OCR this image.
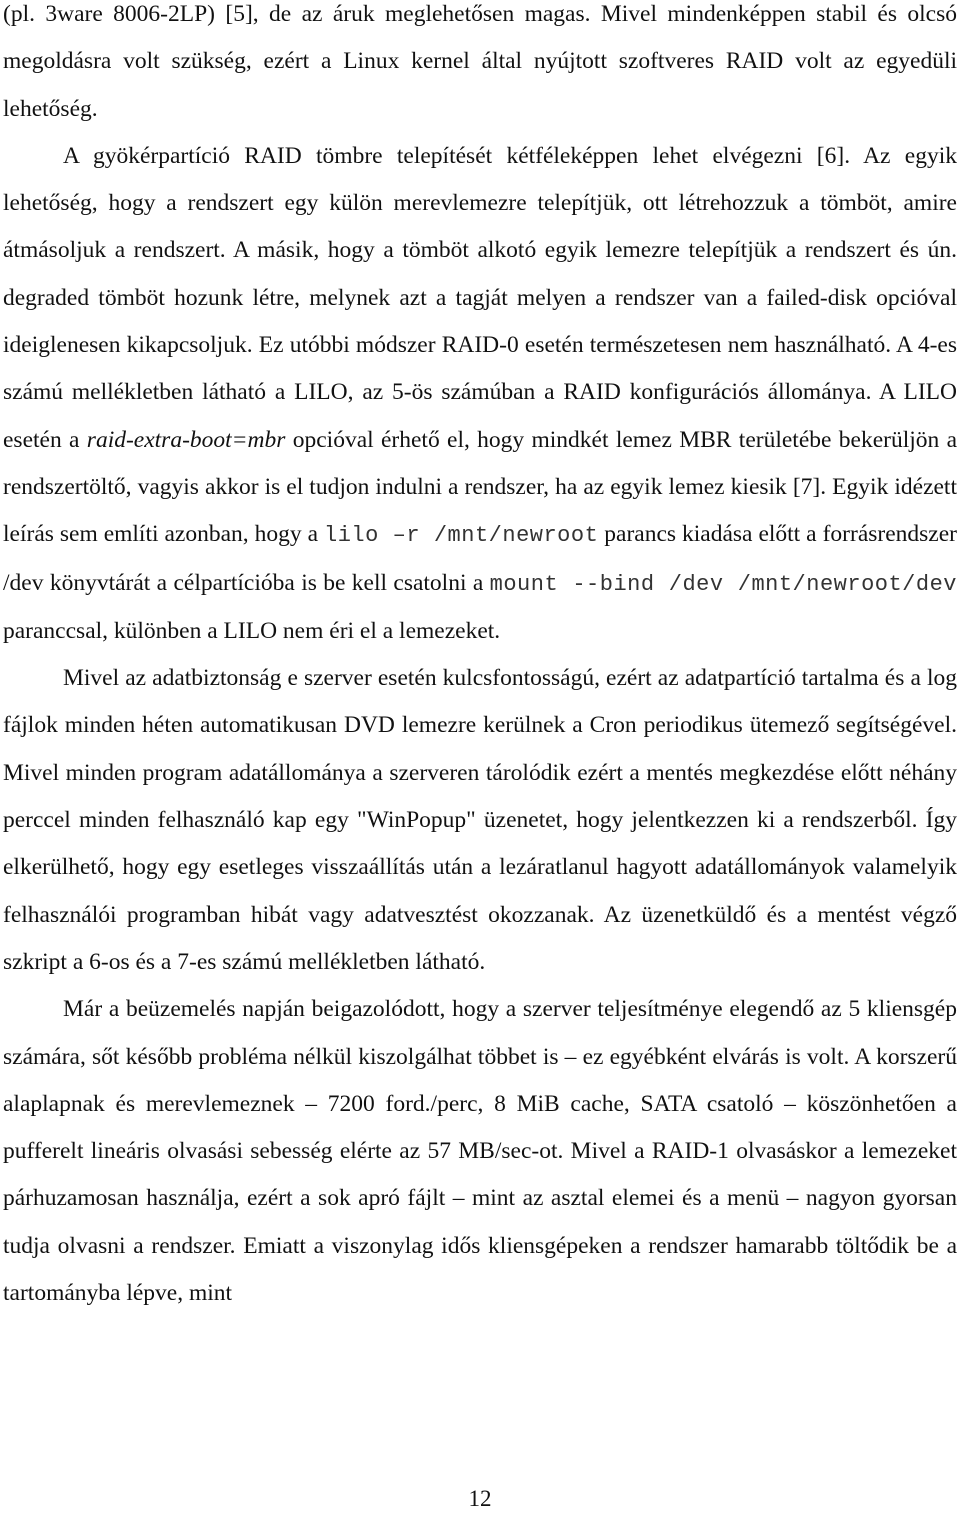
(pl. 3ware 8006-2LP) [5], de az áruk meglehetősen magas. Mivel mindenképpen stabil és olcsó megoldásra volt szükség, ezért a Linux kernel által nyújtott szoftveres RAID volt az egyedüli lehetőség.

A gyökérpartíció RAID tömbre telepítését kétféleképpen lehet elvégezni [6]. Az egyik lehetőség, hogy a rendszert egy külön merevlemezre telepítjük, ott létrehozzuk a tömböt, amire átmásoljuk a rendszert. A másik, hogy a tömböt alkotó egyik lemezre telepítjük a rendszert és ún. degraded tömböt hozunk létre, melynek azt a tagját melyen a rendszer van a failed-disk opcióval ideiglenesen kikapcsoljuk. Ez utóbbi módszer RAID-0 esetén természetesen nem használható. A 4-es számú mellékletben látható a LILO, az 5-ös számúban a RAID konfigurációs állománya. A LILO esetén a raid-extra-boot=mbr opcióval érhető el, hogy mindkét lemez MBR területébe bekerüljön a rendszertöltő, vagyis akkor is el tudjon indulni a rendszer, ha az egyik lemez kiesik [7]. Egyik idézett leírás sem említi azonban, hogy a lilo –r /mnt/newroot parancs kiadása előtt a forrásrendszer /dev könyvtárát a célpartícióba is be kell csatolni a mount --bind /dev /mnt/newroot/dev paranccsal, különben a LILO nem éri el a lemezeket.

Mivel az adatbiztonság e szerver esetén kulcsfontosságú, ezért az adatpartíció tartalma és a log fájlok minden héten automatikusan DVD lemezre kerülnek a Cron periodikus ütemező segítségével. Mivel minden program adatállománya a szerveren tárolódik ezért a mentés megkezdése előtt néhány perccel minden felhasználó kap egy "WinPopup" üzenetet, hogy jelentkezzen ki a rendszerből. Így elkerülhető, hogy egy esetleges visszaállítás után a lezáratlanul hagyott adatállományok valamelyik felhasználói programban hibát vagy adatvesztést okozzanak. Az üzenetküldő és a mentést végző szkript a 6-os és a 7-es számú mellékletben látható.

Már a beüzemelés napján beigazolódott, hogy a szerver teljesítménye elegendő az 5 kliensgép számára, sőt később probléma nélkül kiszolgálhat többet is – ez egyébként elvárás is volt. A korszerű alaplapnak és merevlemeznek – 7200 ford./perc, 8 MiB cache, SATA csatoló – köszönhetően a pufferelt lineáris olvasási sebesség elérte az 57 MB/sec-ot. Mivel a RAID-1 olvasáskor a lemezeket párhuzamosan használja, ezért a sok apró fájlt – mint az asztal elemei és a menü – nagyon gyorsan tudja olvasni a rendszer. Emiatt a viszonylag idős kliensgépeken a rendszer hamarabb töltődik be a tartományba lépve, mint

12
